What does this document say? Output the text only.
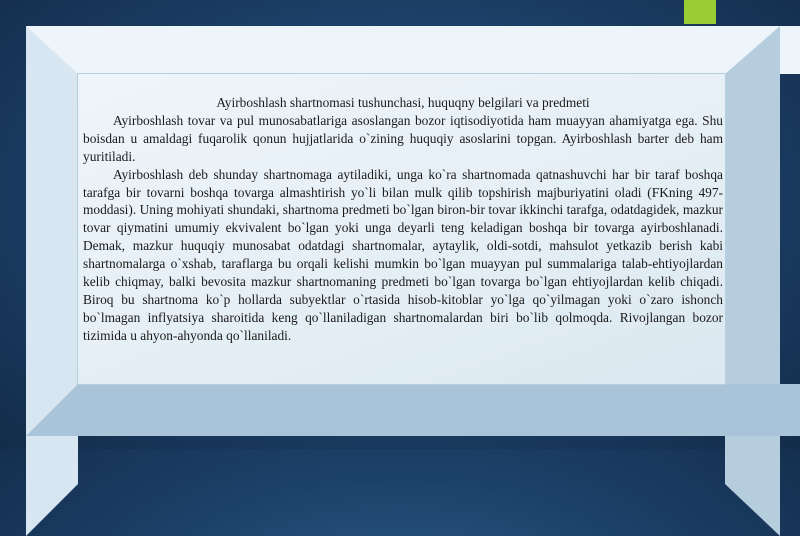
Ayirboshlash shartnomasi tushunchasi, huquqny belgilari va predmeti

Ayirboshlash tovar va pul munosabatlariga asoslangan bozor iqtisodiyotida ham muayyan ahamiyatga ega. Shu boisdan u amaldagi fuqarolik qonun hujjatlarida o`zining huquqiy asoslarini topgan. Ayirboshlash barter deb ham yuritiladi.

Ayirboshlash deb shunday shartnomaga aytiladiki, unga ko`ra shartnomada qatnashuvchi har bir taraf boshqa tarafga bir tovarni boshqa tovarga almashtirish yo`li bilan mulk qilib topshirish majburiyatini oladi (FKning 497-moddasi). Uning mohiyati shundaki, shartnoma predmeti bo`lgan biron-bir tovar ikkinchi tarafga, odatdagidek, mazkur tovar qiymatini umumiy ekvivalent bo`lgan yoki unga deyarli teng keladigan boshqa bir tovarga ayirboshlanadi. Demak, mazkur huquqiy munosabat odatdagi shartnomalar, aytaylik, oldi-sotdi, mahsulot yetkazib berish kabi shartnomalarga o`xshab, taraflarga bu orqali kelishi mumkin bo`lgan muayyan pul summalariga talab-ehtiyojlardan kelib chiqmay, balki bevosita mazkur shartnomaning predmeti bo`lgan tovarga bo`lgan ehtiyojlardan kelib chiqadi. Biroq bu shartnoma ko`p hollarda subyektlar o`rtasida hisob-kitoblar yo`lga qo`yilmagan yoki o`zaro ishonch bo`lmagan inflyatsiya sharoitida keng qo`llaniladigan shartnomalardan biri bo`lib qolmoqda. Rivojlangan bozor tizimida u ahyon-ahyonda qo`llaniladi.
